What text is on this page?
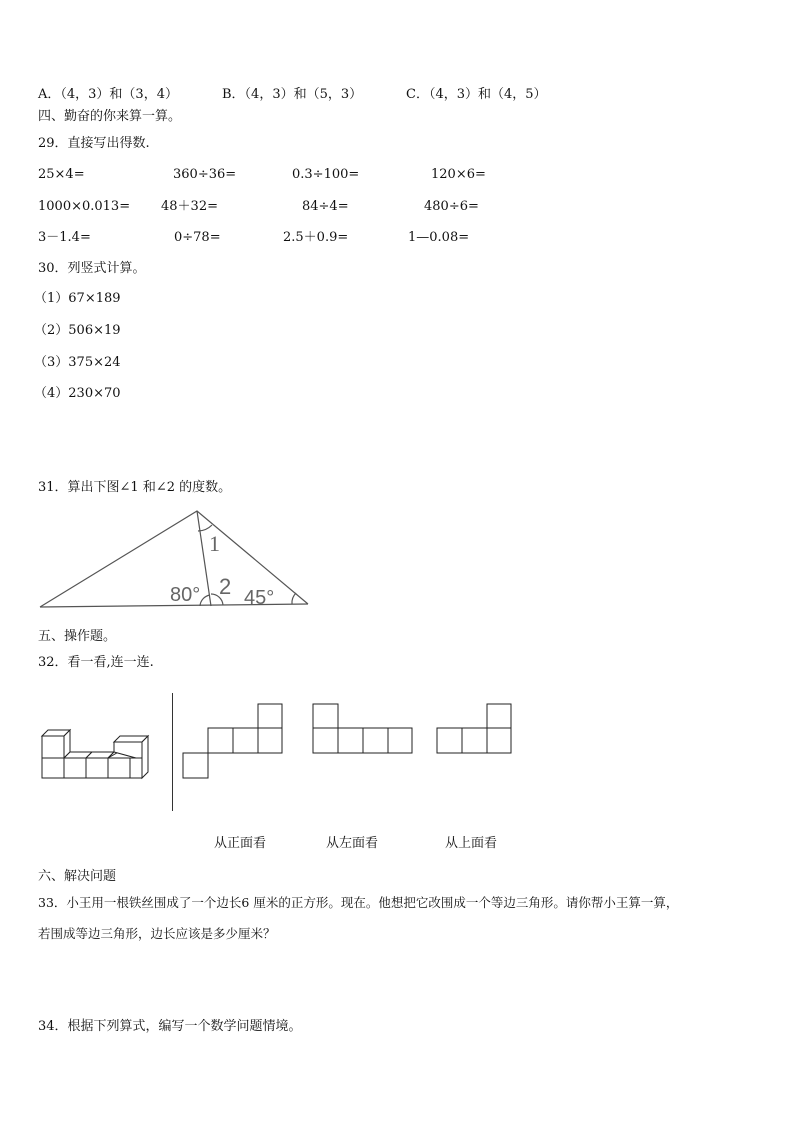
A．（4，3）和（3，4）	B．（4，3）和（5，3）	C．（4，3）和（4，5）
四、勤奋的你来算一算。
29．直接写出得数.
25×4=	360÷36=	0.3÷100=	120×6=
1000×0.013= 48＋32=	84÷4=	480÷6=
3－1.4=	0÷78=	2.5＋0.9=	1—0.08=
30．列竖式计算。
（1）67×189
（2）506×19
（3）375×24
（4）230×70
31．算出下图∠1 和∠2 的度数。
80° 45°
1
2
五、操作题。
32．看一看,连一连.
从正面看	从左面看	从上面看
六、解决问题
33．小王用一根铁丝围成了一个边长6 厘米的正方形。现在。他想把它改围成一个等边三角形。请你帮小王算一算，
若围成等边三角形，边长应该是多少厘米？
34．根据下列算式，编写一个数学问题情境。
